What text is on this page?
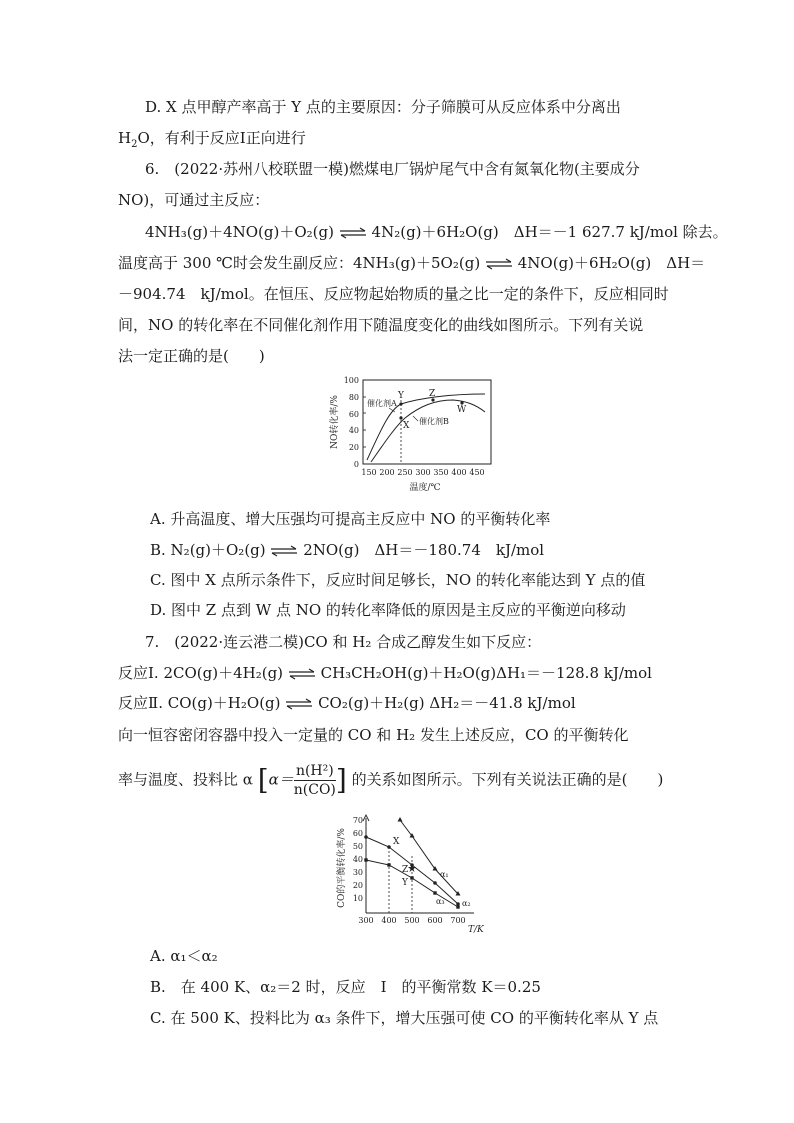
D. X 点甲醇产率高于 Y 点的主要原因：分子筛膜可从反应体系中分离出
$H_2O$，有利于反应Ⅰ正向进行
6.　(2022·苏州八校联盟一模)燃煤电厂锅炉尾气中含有氮氧化物(主要成分
NO)，可通过主反应：
4NH₃(g)＋4NO(g)＋O₂(g) ⇌ 4N₂(g)＋6H₂O(g)　ΔH＝－1 627.7 kJ/mol 除去。
温度高于 300 ℃时会发生副反应：4NH₃(g)＋5O₂(g) ⇌ 4NO(g)＋6H₂O(g)　ΔH＝
－904.74　kJ/mol。在恒压、反应物起始物质的量之比一定的条件下，反应相同时
间，NO 的转化率在不同催化剂作用下随温度变化的曲线如图所示。下列有关说
法一定正确的是(　　)
0
20
40
60
80
100
150 200 250 300 350 400 450
温度/℃
NO转化率/%	Y
X
Z
W
催化剂A
催化剂B
A. 升高温度、增大压强均可提高主反应中 NO 的平衡转化率
B. N₂(g)＋O₂(g) ⇌ 2NO(g)　ΔH＝－180.74　kJ/mol
C. 图中 X 点所示条件下，反应时间足够长，NO 的转化率能达到 Y 点的值
D. 图中 Z 点到 W 点 NO 的转化率降低的原因是主反应的平衡逆向移动
7.　(2022·连云港二模)CO 和 H₂ 合成乙醇发生如下反应：
反应Ⅰ. 2CO(g)＋4H₂(g) ⇌ CH₃CH₂OH(g)＋H₂O(g)ΔH₁＝－128.8 kJ/mol
反应Ⅱ. CO(g)＋H₂O(g) ⇌ CO₂(g)＋H₂(g) ΔH₂＝－41.8 kJ/mol
向一恒容密闭容器中投入一定量的 CO 和 H₂ 发生上述反应，CO 的平衡转化
率与温度、投料比 α [$\alpha= \frac{\text{n(H²)}}{n(CO)}$ ] 的关系如图所示。下列有关说法正确的是(　　)
10
20
30
40
50
60
70
300 400 500 600 700
T/K
CO的平衡转化率/%	X
Z
Y
α₁
α₂
α₃
A. α₁＜α₂
B.　在 400 K、α₂＝2 时，反应　Ⅰ　的平衡常数 K＝0.25
C. 在 500 K、投料比为 α₃ 条件下，增大压强可使 CO 的平衡转化率从 Y 点
